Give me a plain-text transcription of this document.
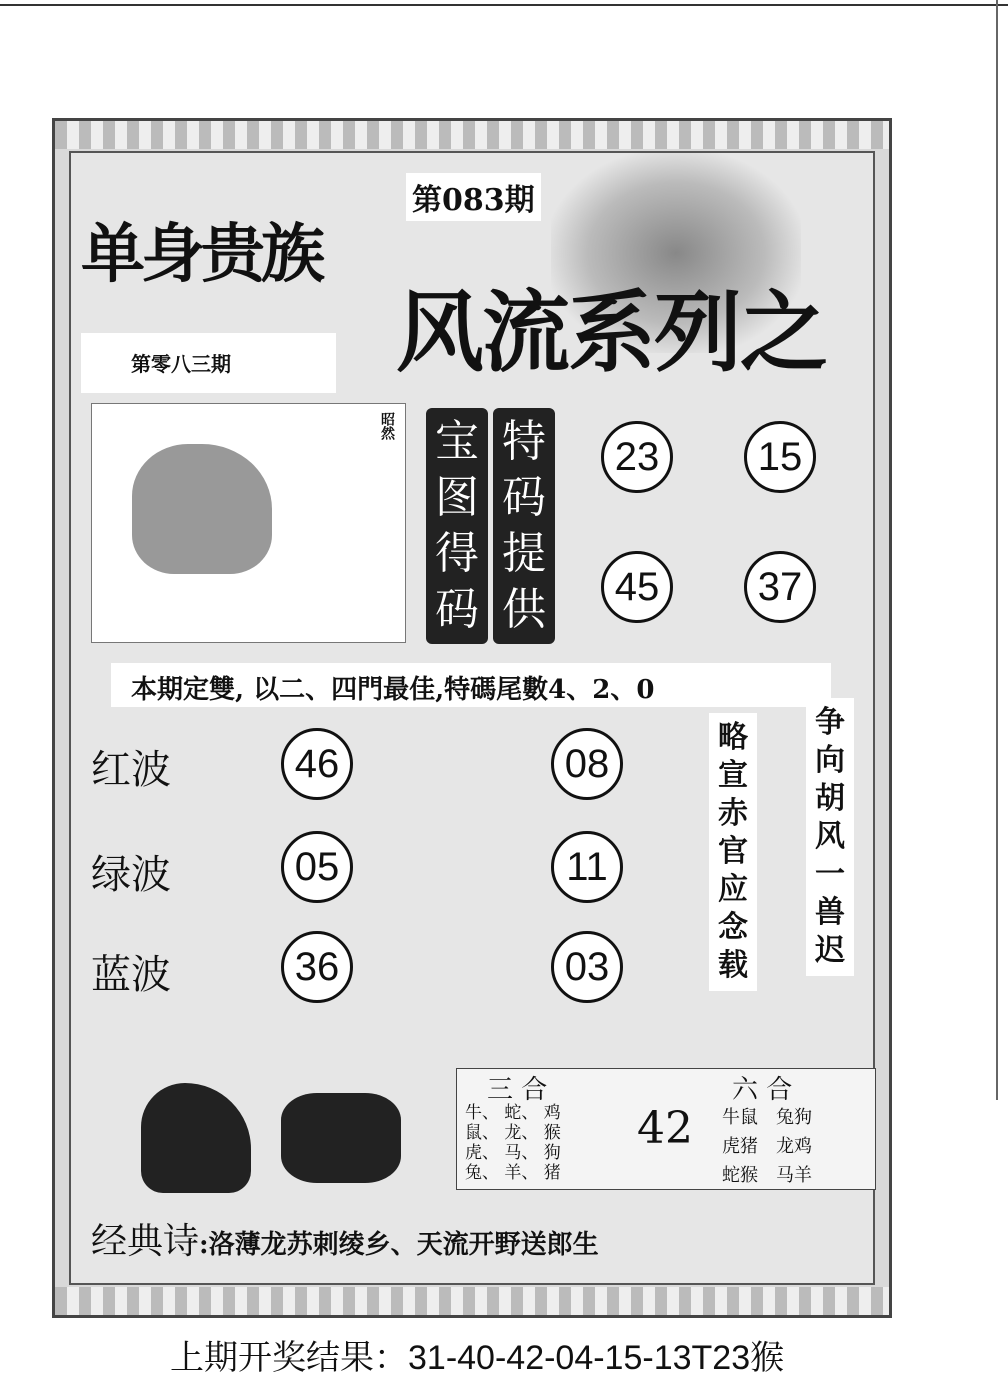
单身贵族
第零八三期
第083期
风流系列之
昭然 宝
图
得
码
特
码
提
供
23	15
45	37
本期定雙, 以二、四門最佳,特碼尾數4、2、0
红波	46	08
绿波	05	11
蓝波	36	03
略
宣
赤
官
应
念
载
争
向
胡
风
一
兽
迟
三 合
牛、 蛇、 鸡
鼠、 龙、 猴
虎、 马、 狗
兔、 羊、 猪
42
六 合
牛鼠　兔狗
虎猪　龙鸡
蛇猴　马羊
经典诗:洛薄龙苏刺绫乡、天流开野送郎生
上期开奖结果：31-40-42-04-15-13T23猴
